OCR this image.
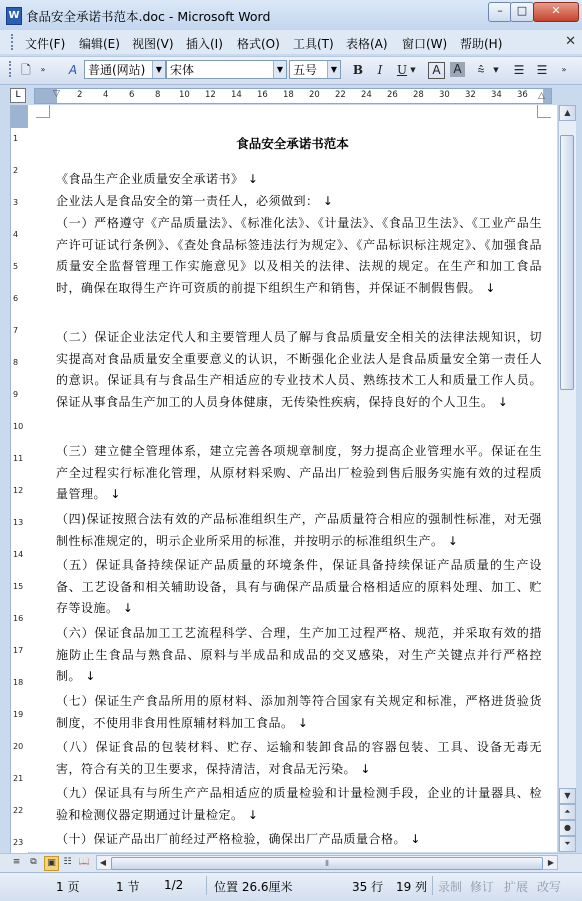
W 食品安全承诺书范本.doc - Microsoft Word	–	□	✕
文件(F) 编辑(E) 视图(V) 插入(I) 格式(O) 工具(T) 表格(A) 窗口(W) 帮助(H)	✕
🗋	»	A 普通(网站)	▼ 宋体	▼ 五号	▼	B	I	U ▼	A	A	⩯	▼	☰	☰	»
L	▽	△
2 4 6 8 10 12 14 16 18 20 22 24 26 28 30 32 34 36
1
2
3
4
5
6
7
8
9
10
11
12
13
14
15
16
17
18
19
20
21
22
23
食品安全承诺书范本
《食品生产企业质量安全承诺书》 ↓
企业法人是食品安全的第一责任人，必须做到： ↓
（一）严格遵守《产品质量法》、《标准化法》、《计量法》、《食品卫生法》、《工业产品生产许可证试行条例》、《查处食品标签违法行为规定》、《产品标识标注规定》、《加强食品质量安全监督管理工作实施意见》以及相关的法律、法规的规定。在生产和加工食品时，确保在取得生产许可资质的前提下组织生产和销售，并保证不制假售假。 ↓
（二）保证企业法定代人和主要管理人员了解与食品质量安全相关的法律法规知识，切实提高对食品质量安全重要意义的认识，不断强化企业法人是食品质量安全第一责任人的意识。保证具有与食品生产相适应的专业技术人员、熟练技术工人和质量工作人员。保证从事食品生产加工的人员身体健康，无传染性疾病，保持良好的个人卫生。 ↓
（三）建立健全管理体系，建立完善各项规章制度，努力提高企业管理水平。保证在生产全过程实行标准化管理，从原材料采购、产品出厂检验到售后服务实施有效的过程质量管理。 ↓
（四)保证按照合法有效的产品标准组织生产，产品质量符合相应的强制性标准，对无强制性标准规定的，明示企业所采用的标准，并按明示的标准组织生产。 ↓
（五）保证具备持续保证产品质量的环境条件，保证具备持续保证产品质量的生产设备、工艺设备和相关辅助设备，具有与确保产品质量合格相适应的原料处理、加工、贮存等设施。 ↓
（六）保证食品加工工艺流程科学、合理，生产加工过程严格、规范，并采取有效的措施防止生食品与熟食品、原料与半成品和成品的交叉感染，对生产关键点并行严格控制。 ↓
（七）保证生产食品所用的原材料、添加剂等符合国家有关规定和标准，严格进货验货制度，不使用非食用性原辅材料加工食品。 ↓
（八）保证食品的包装材料、贮存、运输和装卸食品的容器包装、工具、设备无毒无害，符合有关的卫生要求，保持清洁，对食品无污染。 ↓
（九）保证具有与所生产产品相适应的质量检验和计量检测手段，企业的计量器具、检验和检测仪器定期通过计量检定。 ↓
（十）保证产品出厂前经过严格检验，确保出厂产品质量合格。 ↓
▲
▼
⏶
●
⏷
≡	⧉	▣ ☷ 📖	◀	⦀	▶
1 页	1 节 1/2	位置 26.6厘米	35 行 19 列 录制 修订 扩展 改写
